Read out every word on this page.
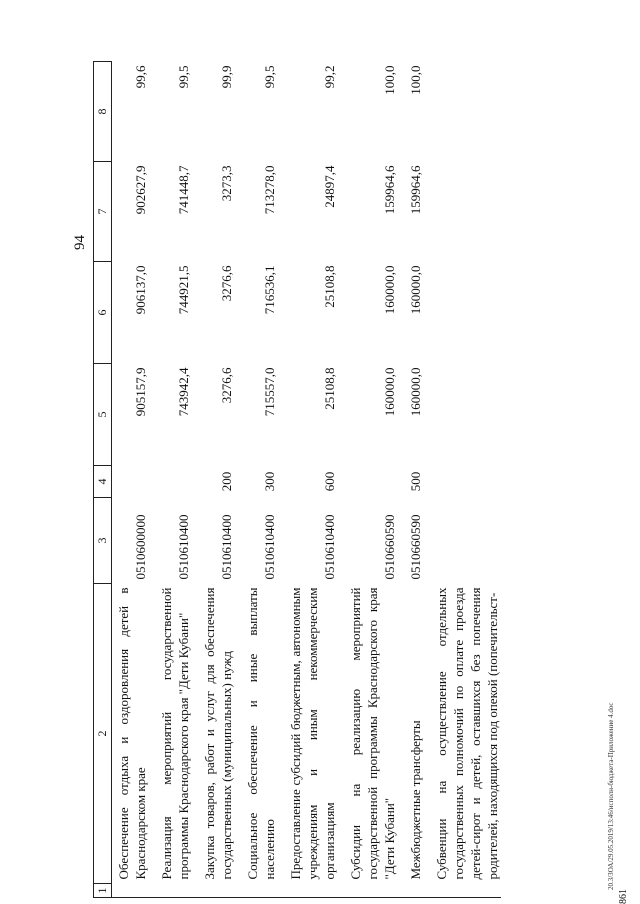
94
1	2	3	4	5	6	7	8
	Обеспечение отдыха и оздоровления детей в Краснодарском крае	0510600000		905157,9	906137,0	902627,9	99,6
	Реализация мероприятий государственной программы Краснодарского края "Дети Кубани"	0510610400		743942,4	744921,5	741448,7	99,5
	Закупка товаров, работ и услуг для обеспечения государственных (муниципальных) нужд	0510610400	200	3276,6	3276,6	3273,3	99,9
	Социальное обеспечение и иные выплаты населению	0510610400	300	715557,0	716536,1	713278,0	99,5
	Предоставление субсидий бюджетным, автономным учреждениям и иным некоммерческим организациям	0510610400	600	25108,8	25108,8	24897,4	99,2
	Субсидии на реализацию мероприятий государственной программы Краснодарского края "Дети Кубани"	0510660590		160000,0	160000,0	159964,6	100,0
	Межбюджетные трансферты	0510660590	500	160000,0	160000,0	159964,6	100,0
	Субвенции на осуществление отдельных государственных полномочий по оплате проезда детей-сирот и детей, оставшихся без попечения родителей, находящихся под опекой (попечительст-							20.3/ЗОА/29.05.2019/13:46/исполн-бюджета-Приложение 4.doc
861
